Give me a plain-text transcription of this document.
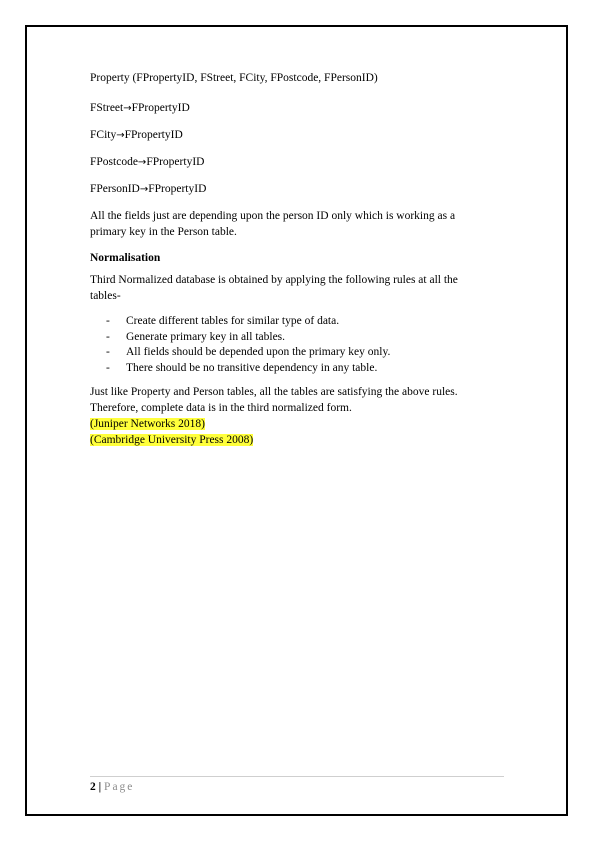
Property (FPropertyID, FStreet, FCity, FPostcode, FPersonID)

FStreet→FPropertyID

FCity→FPropertyID

FPostcode→FPropertyID

FPersonID→FPropertyID

All the fields just are depending upon the person ID only which is working as a primary key in the Person table.

Normalisation

Third Normalized database is obtained by applying the following rules at all the tables-

- Create different tables for similar type of data.
- Generate primary key in all tables.
- All fields should be depended upon the primary key only.
- There should be no transitive dependency in any table.

Just like Property and Person tables, all the tables are satisfying the above rules. Therefore, complete data is in the third normalized form.

(Juniper Networks 2018)

(Cambridge University Press 2008)

2 | Page
